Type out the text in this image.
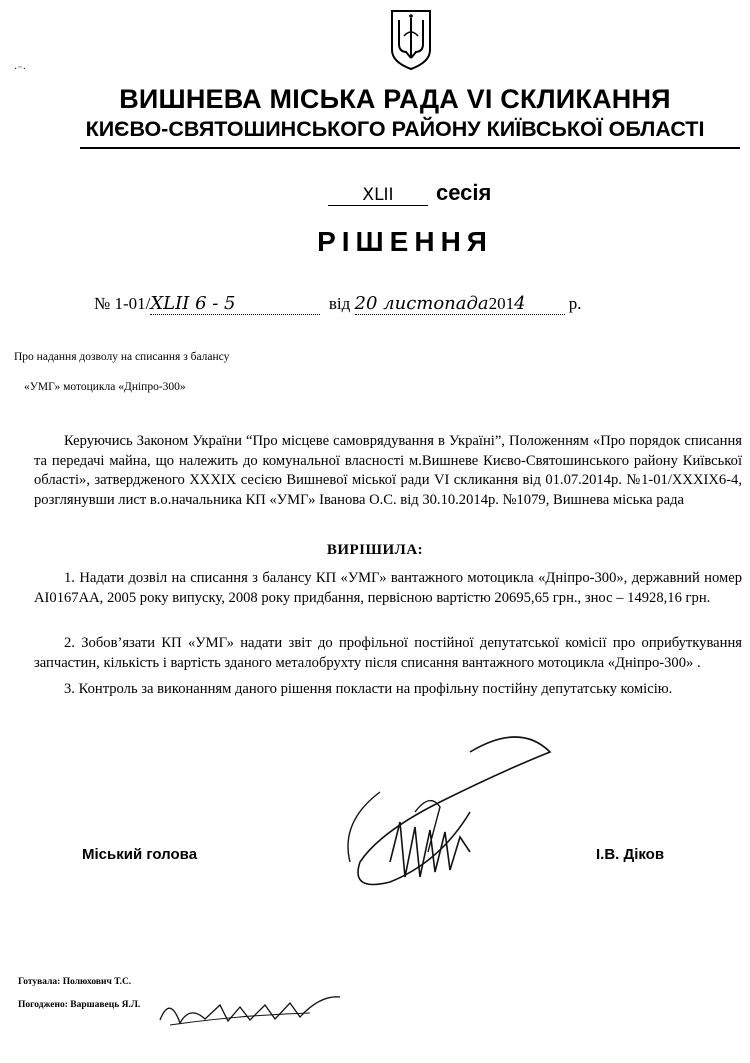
·⁻·
ВИШНЕВА МІСЬКА РАДА VI СКЛИКАННЯ
КИЄВО-СВЯТОШИНСЬКОГО РАЙОНУ КИЇВСЬКОЇ ОБЛАСТІ
XLII сесія
РІШЕННЯ
№ 1-01/XLII 6 - 5	від 20 листопада2014	р.
Про надання дозволу на списання з балансу
«УМГ» мотоцикла «Дніпро-300»

Керуючись Законом України “Про місцеве самоврядування в Україні”, Положенням «Про порядок списання та передачі майна, що належить до комунальної власності м.Вишневе Києво-Святошинського району Київської області», затвердженого XXXIX сесією Вишневої міської ради VI скликання від 01.07.2014р. №1-01/XXXIX6-4, розглянувши лист в.о.начальника КП «УМГ» Іванова О.С. від 30.10.2014р. №1079, Вишнева міська рада

ВИРІШИЛА:

1. Надати дозвіл на списання з балансу КП «УМГ» вантажного мотоцикла «Дніпро-300», державний номер АІ0167АА, 2005 року випуску, 2008 року придбання, первісною вартістю 20695,65 грн., знос – 14928,16 грн.

2. Зобов’язати КП «УМГ» надати звіт до профільної постійної депутатської комісії про оприбуткування запчастин, кількість і вартість зданого металобрухту після списання вантажного мотоцикла «Дніпро-300» .

3. Контроль за виконанням даного рішення покласти на профільну постійну депутатську комісію.

Міський голова	І.В. Діков
Готувала: Полюхович Т.С.
Погоджено: Варшавець Я.Л.
